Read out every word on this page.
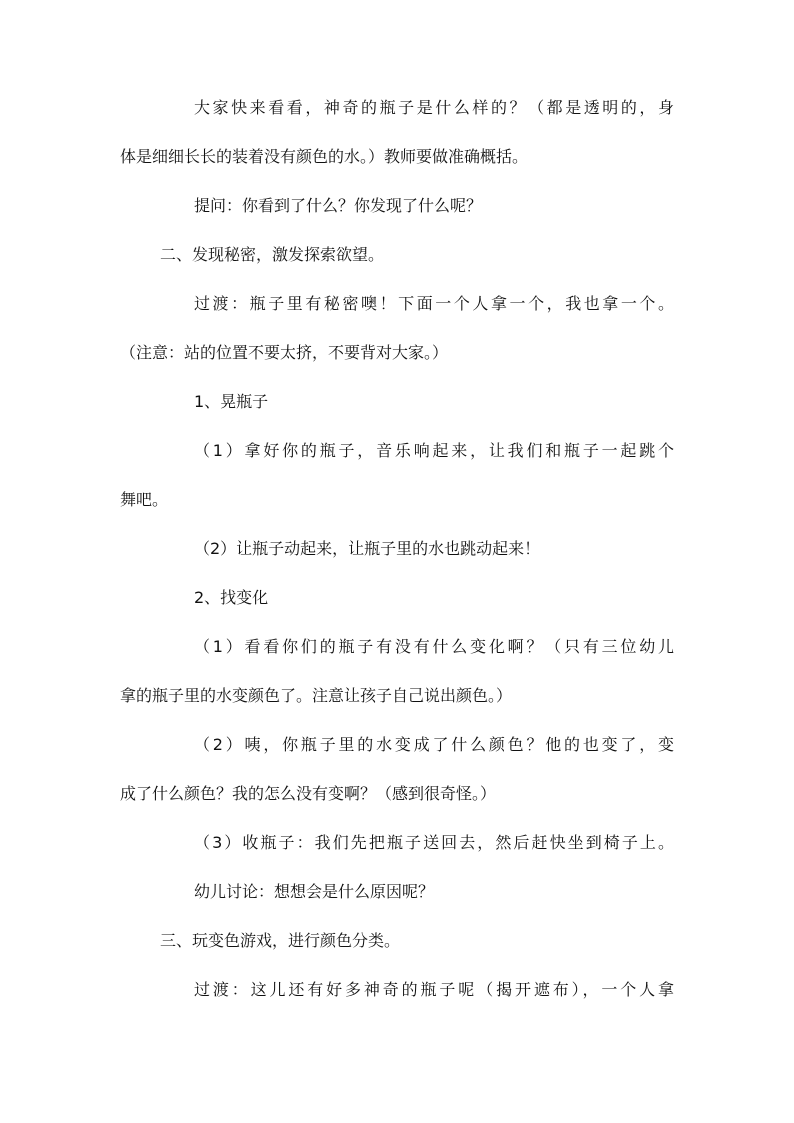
大家快来看看，神奇的瓶子是什么样的？（都是透明的，身
体是细细长长的装着没有颜色的水。）教师要做准确概括。
提问：你看到了什么？你发现了什么呢？
二、发现秘密，激发探索欲望。
过渡：瓶子里有秘密噢！下面一个人拿一个，我也拿一个。
（注意：站的位置不要太挤，不要背对大家。）
1、晃瓶子
（1）拿好你的瓶子，音乐响起来，让我们和瓶子一起跳个
舞吧。
（2）让瓶子动起来，让瓶子里的水也跳动起来！
2、找变化
（1）看看你们的瓶子有没有什么变化啊？（只有三位幼儿
拿的瓶子里的水变颜色了。注意让孩子自己说出颜色。）
（2）咦，你瓶子里的水变成了什么颜色？他的也变了，变
成了什么颜色？我的怎么没有变啊？（感到很奇怪。）
（3）收瓶子：我们先把瓶子送回去，然后赶快坐到椅子上。
幼儿讨论：想想会是什么原因呢？
三、玩变色游戏，进行颜色分类。
过渡：这儿还有好多神奇的瓶子呢（揭开遮布），一个人拿
